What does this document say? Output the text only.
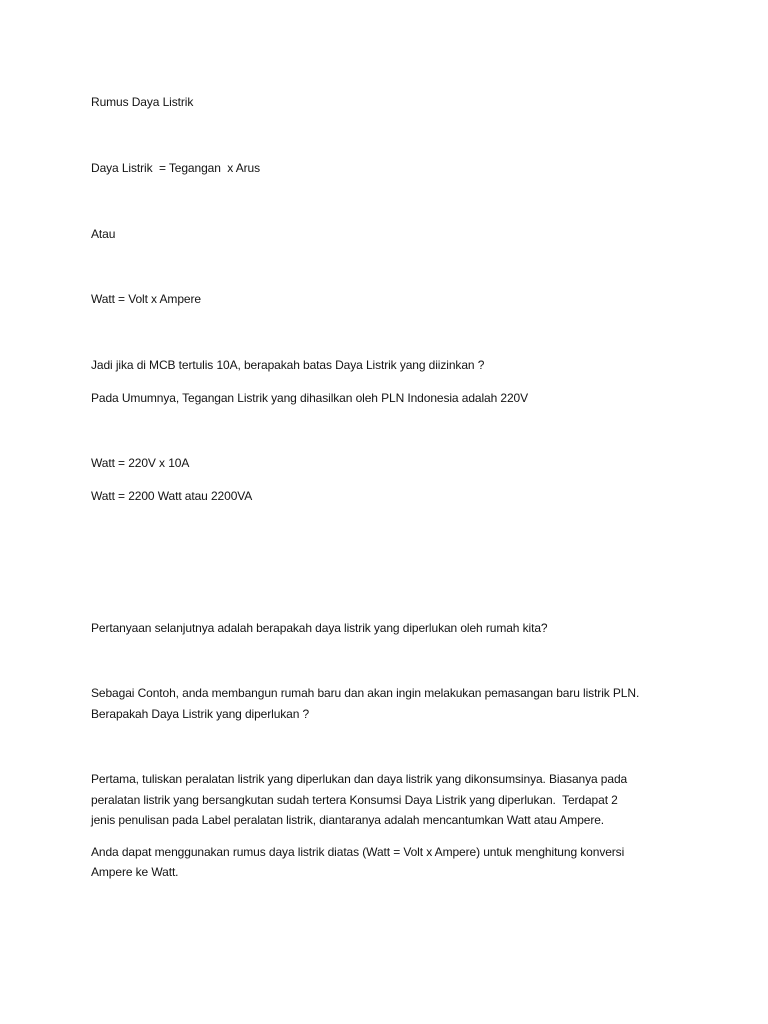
Rumus Daya Listrik

Daya Listrik  = Tegangan  x Arus

Atau

Watt = Volt x Ampere

Jadi jika di MCB tertulis 10A, berapakah batas Daya Listrik yang diizinkan ?

Pada Umumnya, Tegangan Listrik yang dihasilkan oleh PLN Indonesia adalah 220V

Watt = 220V x 10A

Watt = 2200 Watt atau 2200VA

Pertanyaan selanjutnya adalah berapakah daya listrik yang diperlukan oleh rumah kita?

Sebagai Contoh, anda membangun rumah baru dan akan ingin melakukan pemasangan baru listrik PLN.

Berapakah Daya Listrik yang diperlukan ?

Pertama, tuliskan peralatan listrik yang diperlukan dan daya listrik yang dikonsumsinya. Biasanya pada

peralatan listrik yang bersangkutan sudah tertera Konsumsi Daya Listrik yang diperlukan.  Terdapat 2

jenis penulisan pada Label peralatan listrik, diantaranya adalah mencantumkan Watt atau Ampere.

Anda dapat menggunakan rumus daya listrik diatas (Watt = Volt x Ampere) untuk menghitung konversi

Ampere ke Watt.
